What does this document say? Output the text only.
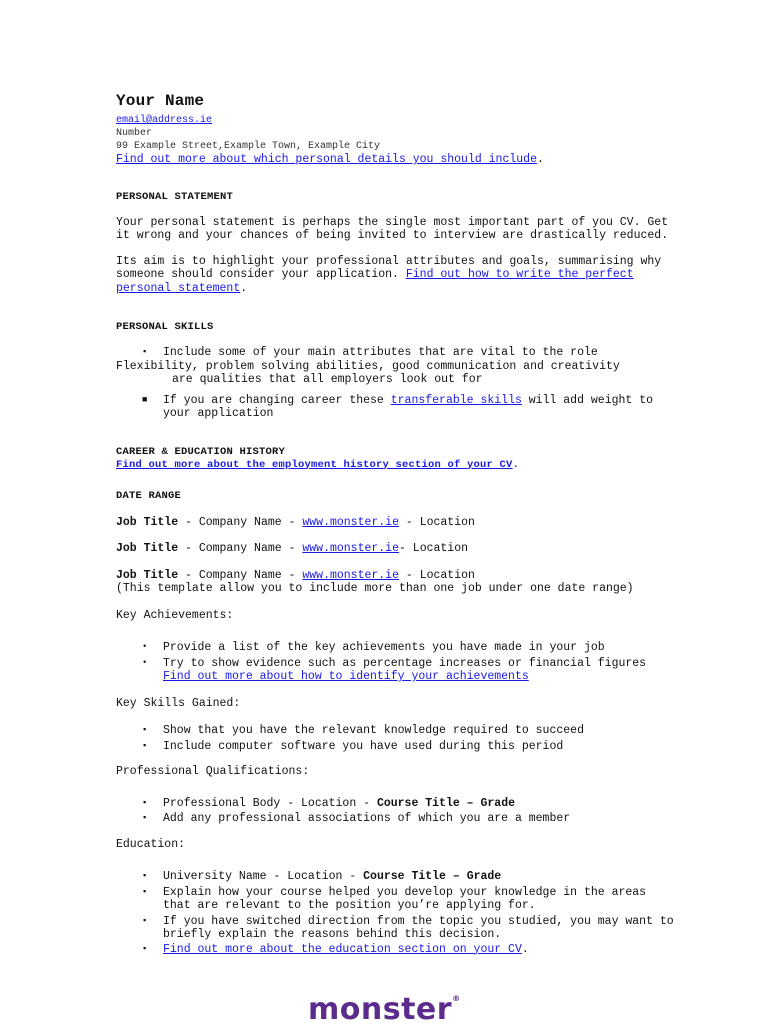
Your Name
email@address.ie
Number
99 Example Street,Example Town, Example City
Find out more about which personal details you should include.
PERSONAL STATEMENT

Your personal statement is perhaps the single most important part of you CV. Get it wrong and your chances of being invited to interview are drastically reduced.

Its aim is to highlight your professional attributes and goals, summarising why someone should consider your application. Find out how to write the perfect personal statement.

PERSONAL SKILLS
▪ Include some of your main attributes that are vital to the role
Flexibility, problem solving abilities, good communication and creativity
are qualities that all employers look out for
■ If you are changing career these transferable skills will add weight to your application
CAREER & EDUCATION HISTORY
Find out more about the employment history section of your CV.
DATE RANGE
Job Title - Company Name - www.monster.ie - Location
Job Title - Company Name - www.monster.ie- Location
Job Title - Company Name - www.monster.ie - Location
(This template allow you to include more than one job under one date range)
Key Achievements:
• Provide a list of the key achievements you have made in your job
• Try to show evidence such as percentage increases or financial figures
Find out more about how to identify your achievements
Key Skills Gained:
▪ Show that you have the relevant knowledge required to succeed
▪ Include computer software you have used during this period
Professional Qualifications:
▪ Professional Body - Location - Course Title – Grade
▪ Add any professional associations of which you are a member
Education:
▪ University Name - Location - Course Title – Grade
▪ Explain how your course helped you develop your knowledge in the areas that are relevant to the position you’re applying for.
▪ If you have switched direction from the topic you studied, you may want to briefly explain the reasons behind this decision.
▪ Find out more about the education section on your CV.
monster®
